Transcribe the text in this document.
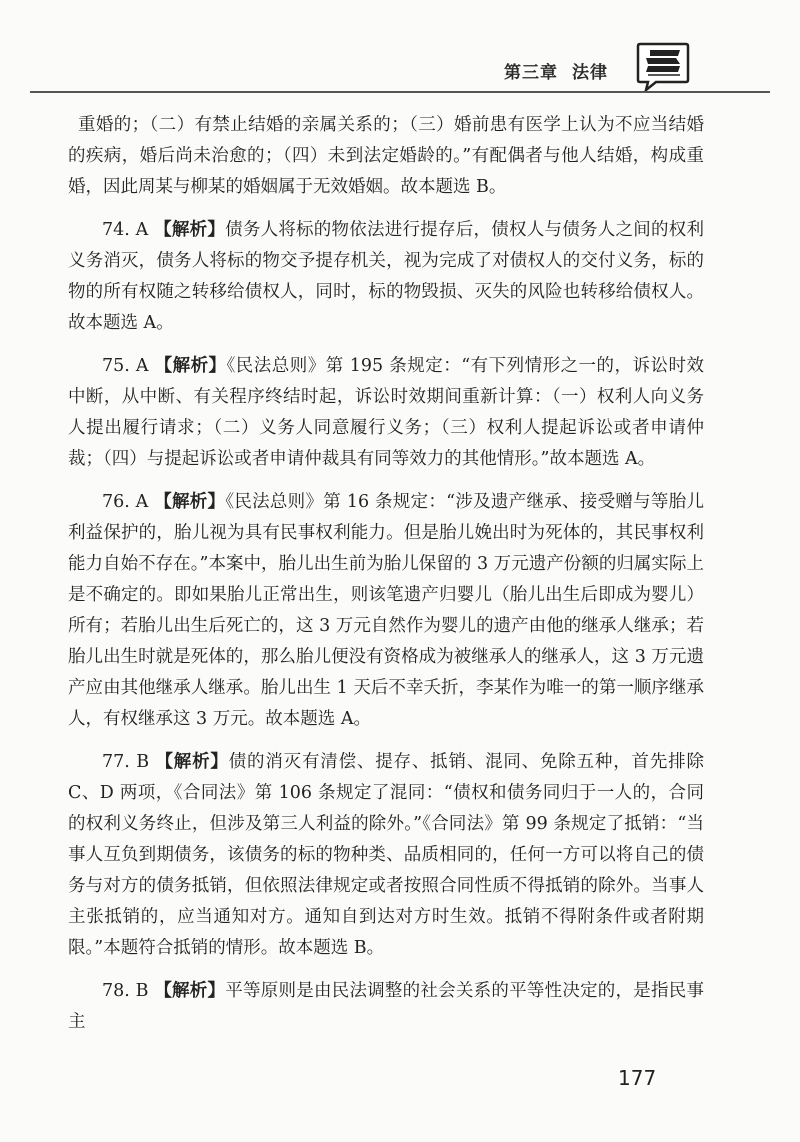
第三章 法律

重婚的；（二）有禁止结婚的亲属关系的；（三）婚前患有医学上认为不应当结婚的疾病，婚后尚未治愈的；（四）未到法定婚龄的。”有配偶者与他人结婚，构成重婚，因此周某与柳某的婚姻属于无效婚姻。故本题选 B。

74. A 【解析】债务人将标的物依法进行提存后，债权人与债务人之间的权利义务消灭，债务人将标的物交予提存机关，视为完成了对债权人的交付义务，标的物的所有权随之转移给债权人，同时，标的物毁损、灭失的风险也转移给债权人。故本题选 A。

75. A 【解析】《民法总则》第 195 条规定：“有下列情形之一的，诉讼时效中断，从中断、有关程序终结时起，诉讼时效期间重新计算：（一）权利人向义务人提出履行请求；（二）义务人同意履行义务；（三）权利人提起诉讼或者申请仲裁；（四）与提起诉讼或者申请仲裁具有同等效力的其他情形。”故本题选 A。

76. A 【解析】《民法总则》第 16 条规定：“涉及遗产继承、接受赠与等胎儿利益保护的，胎儿视为具有民事权利能力。但是胎儿娩出时为死体的，其民事权利能力自始不存在。”本案中，胎儿出生前为胎儿保留的 3 万元遗产份额的归属实际上是不确定的。即如果胎儿正常出生，则该笔遗产归婴儿（胎儿出生后即成为婴儿）所有；若胎儿出生后死亡的，这 3 万元自然作为婴儿的遗产由他的继承人继承；若胎儿出生时就是死体的，那么胎儿便没有资格成为被继承人的继承人，这 3 万元遗产应由其他继承人继承。胎儿出生 1 天后不幸夭折，李某作为唯一的第一顺序继承人，有权继承这 3 万元。故本题选 A。

77. B 【解析】债的消灭有清偿、提存、抵销、混同、免除五种，首先排除 C、D 两项，《合同法》第 106 条规定了混同：“债权和债务同归于一人的，合同的权利义务终止，但涉及第三人利益的除外。”《合同法》第 99 条规定了抵销：“当事人互负到期债务，该债务的标的物种类、品质相同的，任何一方可以将自己的债务与对方的债务抵销，但依照法律规定或者按照合同性质不得抵销的除外。当事人主张抵销的，应当通知对方。通知自到达对方时生效。抵销不得附条件或者附期限。”本题符合抵销的情形。故本题选 B。

78. B 【解析】平等原则是由民法调整的社会关系的平等性决定的，是指民事主

177
